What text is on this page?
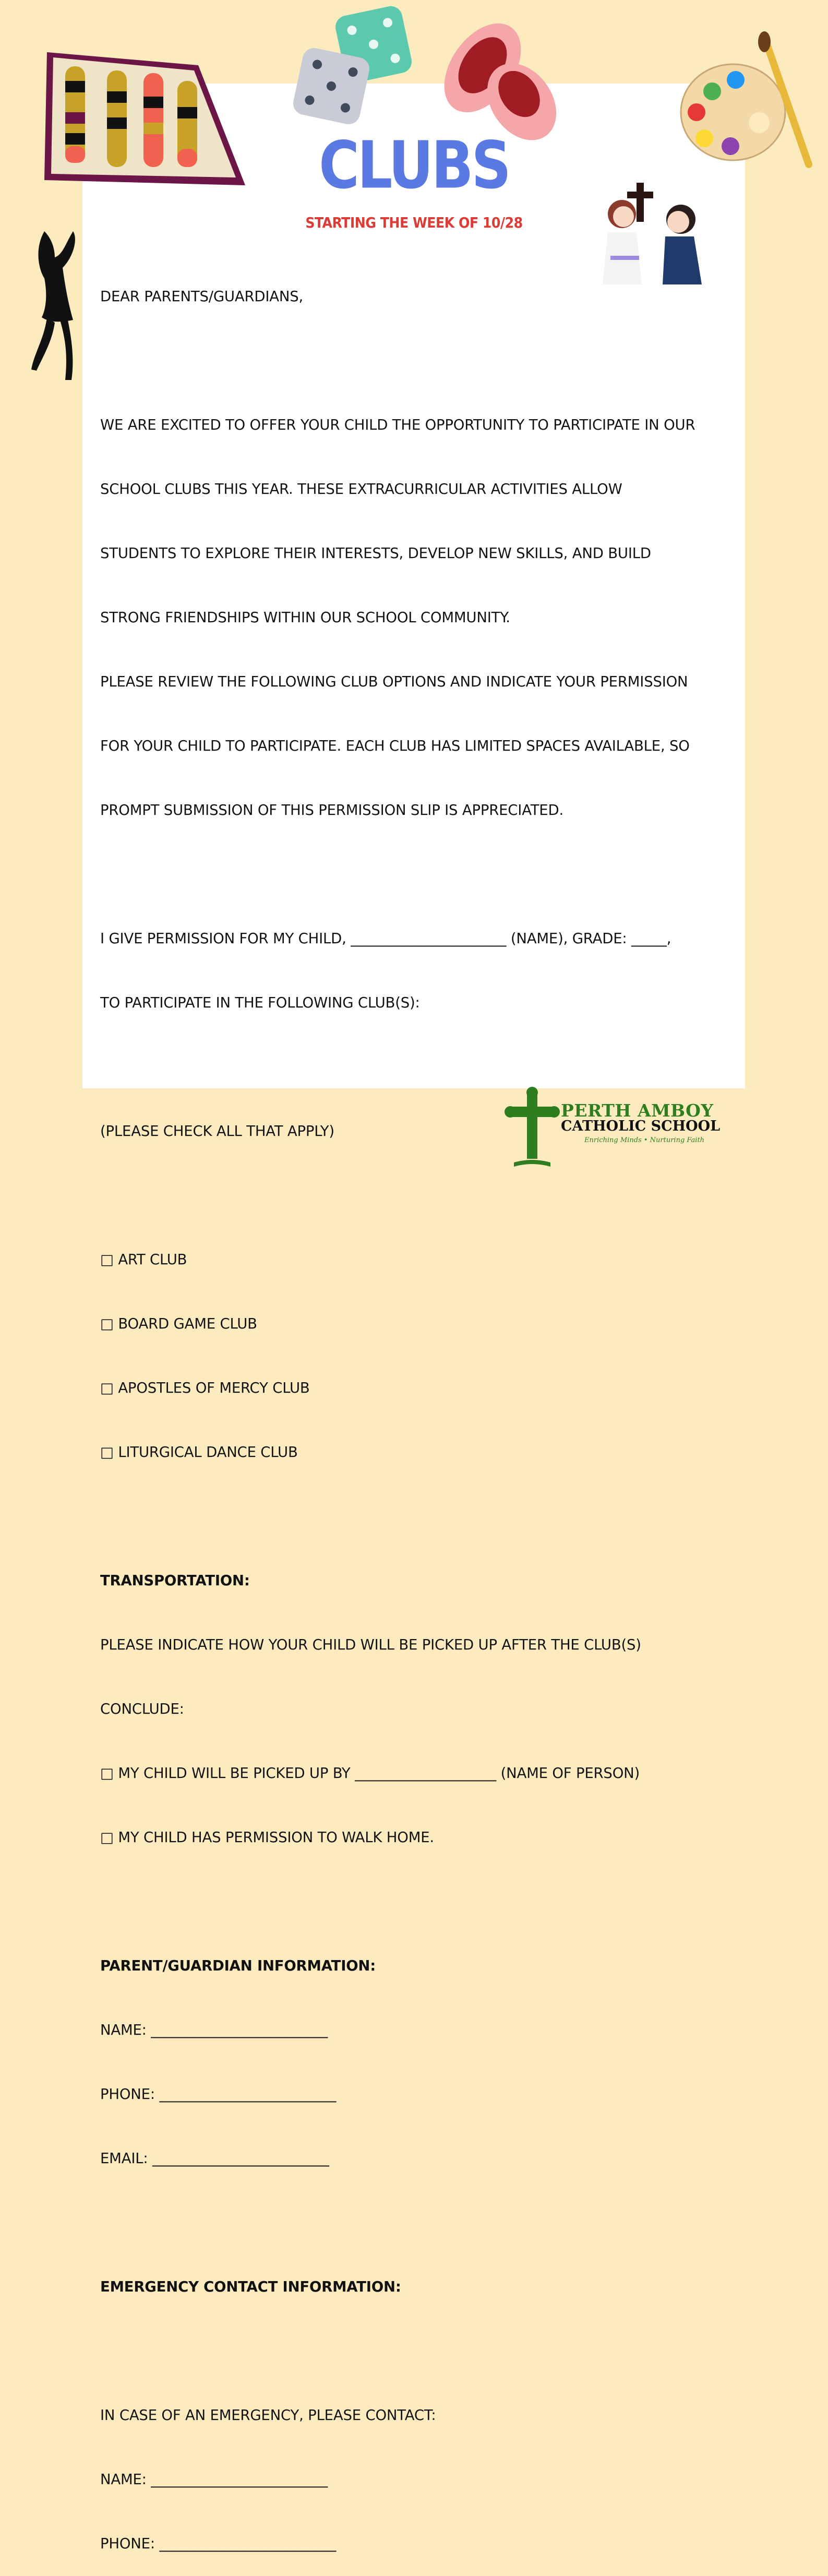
CLUBS
STARTING THE WEEK OF 10/28

DEAR PARENTS/GUARDIANS,

WE ARE EXCITED TO OFFER YOUR CHILD THE OPPORTUNITY TO PARTICIPATE IN OUR

SCHOOL CLUBS THIS YEAR. THESE EXTRACURRICULAR ACTIVITIES ALLOW

STUDENTS TO EXPLORE THEIR INTERESTS, DEVELOP NEW SKILLS, AND BUILD

STRONG FRIENDSHIPS WITHIN OUR SCHOOL COMMUNITY.

PLEASE REVIEW THE FOLLOWING CLUB OPTIONS AND INDICATE YOUR PERMISSION

FOR YOUR CHILD TO PARTICIPATE. EACH CLUB HAS LIMITED SPACES AVAILABLE, SO

PROMPT SUBMISSION OF THIS PERMISSION SLIP IS APPRECIATED.

I GIVE PERMISSION FOR MY CHILD, ______________________ (NAME), GRADE: _____,

TO PARTICIPATE IN THE FOLLOWING CLUB(S):

(PLEASE CHECK ALL THAT APPLY)

□ ART CLUB

□ BOARD GAME CLUB

□ APOSTLES OF MERCY CLUB

□ LITURGICAL DANCE CLUB

TRANSPORTATION:

PLEASE INDICATE HOW YOUR CHILD WILL BE PICKED UP AFTER THE CLUB(S)

CONCLUDE:

□ MY CHILD WILL BE PICKED UP BY ____________________ (NAME OF PERSON)

□ MY CHILD HAS PERMISSION TO WALK HOME.

PARENT/GUARDIAN INFORMATION:

NAME: _________________________

PHONE: _________________________

EMAIL: _________________________

EMERGENCY CONTACT INFORMATION:

IN CASE OF AN EMERGENCY, PLEASE CONTACT:

NAME: _________________________

PHONE: _________________________

PERTH AMBOY
CATHOLIC SCHOOL
Enriching Minds • Nurturing Faith
